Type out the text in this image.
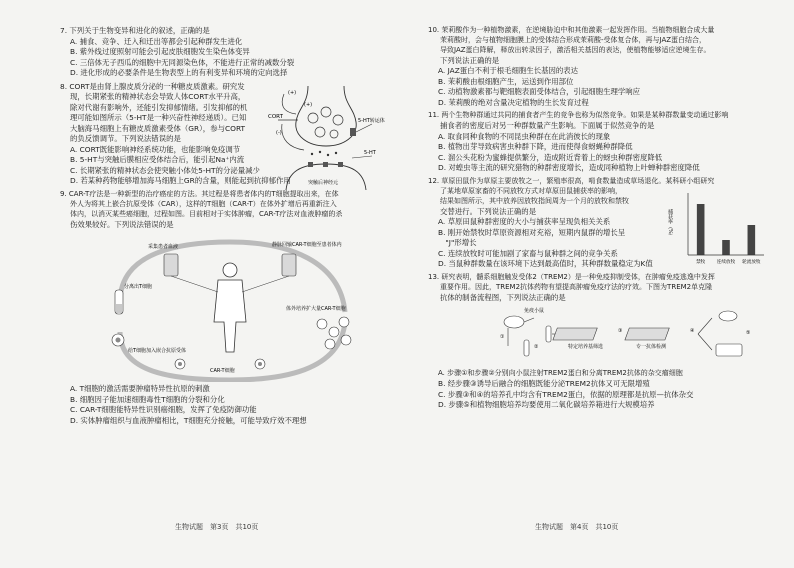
7. 下列关于生物变异和进化的叙述，正确的是
A. 捕食、竞争、迁入和迁出等都会引起种群发生进化
B. 紫外线过度照射可能会引起皮肤细胞发生染色体变异
C. 三倍体无子西瓜的细胞中无同源染色体，不能进行正常的减数分裂
D. 进化形成的必要条件是生物表型上的有利变异和环境的定向选择
8. CORT是由肾上腺皮质分泌的一种糖皮质激素。研究发
现，长期紧张的精神状态会导致人体CORT水平升高，
除对代谢有影响外，还能引发抑郁情绪。引发抑郁的机
理可能如图所示（5-HT是一种兴奋性神经递质）。已知
大脑海马细胞上有糖皮质激素受体（GR），参与CORT
的负反馈调节。下列说法错误的是
A. CORT既能影响神经系统功能，也能影响免疫调节
B. 5-HT与突触后膜相应受体结合后，能引起Na⁺内流
C. 长期紧张的精神状态会使突触小体处5-HT的分泌量减少
D. 若某种药物能够增加海马细胞上GR的含量，则能起到抗抑郁作用
CORT
(+)
(-)
(+)
5-HT转运体
5-HT
突触后神经元
9. CAR-T疗法是一种新型的治疗癌症的方法。其过程是将患者体内的T细胞提取出来，在体
外人为将其上嵌合抗原受体（CAR），这样的T细胞（CAR-T）在体外扩增后再重新注入
体内，以消灭某些癌细胞，过程如图。目前相对于实体肿瘤，CAR-T疗法对血液肿瘤的杀
伤效果较好。下列说法错误的是
采集患者血液
分离出T细胞
静脉回输CAR-T细胞至患者体内
给T细胞加入嵌合抗原受体
体外培养扩大量CAR-T细胞
CAR-T细胞
A. T细胞的激活需要肿瘤特异性抗原的刺激
B. 细胞因子能加速细胞毒性T细胞的分裂和分化
C. CAR-T细胞能特异性识别癌细胞，发挥了免疫防御功能
D. 实体肿瘤组织与血液肿瘤相比，T细胞充分接触，可能导致疗效不理想
10. 茉莉酸作为一种植物激素，在逆境胁迫中和其他激素一起发挥作用。当植物细胞合成大量
茉莉酸时，会与植物细胞膜上的受体结合形成茉莉酸-受体复合体，再与JAZ蛋白结合，
导致JAZ蛋白降解，释放出转录因子，激活相关基因的表达，使植物能够适应逆境生存。
下列说法正确的是
A. JAZ蛋白不利于根毛细胞生长基因的表达
B. 茉莉酸由根细胞产生，运送到作用部位
C. 动植物激素都与靶细胞表面受体结合，引起细胞生理学响应
D. 茉莉酸的绝对含量决定植物的生长发育过程
11. 两个生物种群通过共同的捕食者产生的竞争也称为似然竞争。如果是某种群数量变动通过影响
捕食者的密度后对另一种群数量产生影响。下面属于似然竞争的是
A. 取食同种食物的不同昆虫种群在在此消彼长的现象
B. 植物出芽导致病害虫种群下降，进而使得食蚜蝇种群降低
C. 溜公头花粉为蜜蜂提供繁分，造成附近背着上的蚜虫种群密度降低
D. 对蝗虫等主流的研究猎物的种群密度增长，造成同种植物上叶蝉种群密度降低
12. 草原田鼠作为草原主要放牧之一，繁殖率很高，啃食数量造成草场退化。某科研小组研究
了某地草原家畜的不同放牧方式对草原田鼠捕获率的影响，
结果如图所示，其中放养因放牧指间周为一个月的放牧和禁牧
交替进行。下列说法正确的是
A. 草原田鼠种群密度的大小与捕获率呈现负相关关系
B. 刚开始禁牧时草原资源相对充裕，短期内鼠群的增长呈
　"J"形增长
C. 连续放牧时可能加剧了家畜与鼠种群之间的竞争关系
D. 当鼠种群数量在该环境下达到最高值时，其种群数量稳定为K值
捕获率（%）
禁牧	连续放牧 轮流放牧
13. 研究表明，髓系细胞触发受体2（TREM2）是一种免疫抑制受体，在肿瘤免疫逃逸中发挥
重要作用。因此，TREM2抗体药物有望提高肿瘤免疫疗法的疗效。下图为TREM2单克隆
抗体的制备流程图，下列说法正确的是
免疫小鼠
①
②	特定培养基筛选
③
专一抗体检测
④	⑤
A. 步骤①和步骤②分别向小鼠注射TREM2蛋白和分离TREM2抗体的杂交瘤细胞
B. 经步骤③诱导后融合的细胞既能分泌TREM2抗体又可无限增殖
C. 步骤③和④的培养孔中均含有TREM2蛋白，依据的原理都是抗原—抗体杂交
D. 步骤⑤和植物细胞培养均要使用二氧化碳培养箱进行大规模培养
生物试题　第3页　共10页	生物试题　第4页　共10页
